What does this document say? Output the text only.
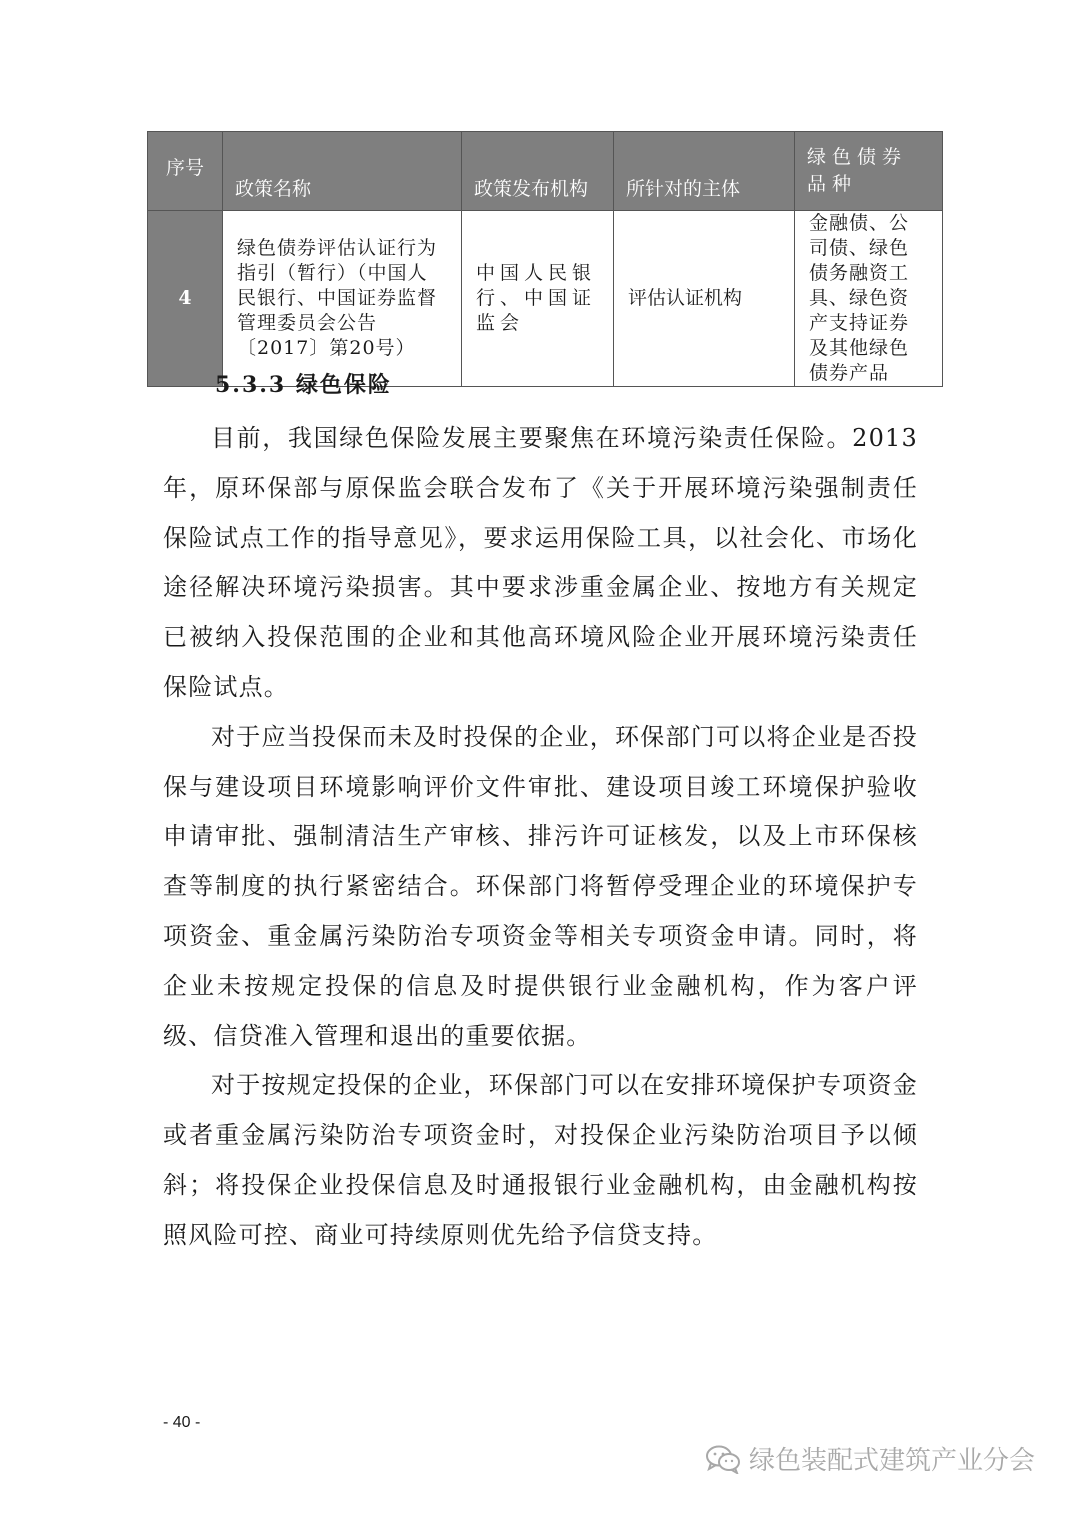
序号	政策名称	政策发布机构	所针对的主体	绿色债券品种
4	绿色债券评估认证行为指引（暂行）（中国人民银行、中国证券监督管理委员会公告〔2017〕第20号）	中国人民银行、中国证监会	评估认证机构	金融债、公司债、绿色债务融资工具、绿色资产支持证券及其他绿色债券产品
5.3.3 绿色保险

目前，我国绿色保险发展主要聚焦在环境污染责任保险。2013年，原环保部与原保监会联合发布了《关于开展环境污染强制责任保险试点工作的指导意见》，要求运用保险工具，以社会化、市场化途径解决环境污染损害。其中要求涉重金属企业、按地方有关规定已被纳入投保范围的企业和其他高环境风险企业开展环境污染责任保险试点。

对于应当投保而未及时投保的企业，环保部门可以将企业是否投保与建设项目环境影响评价文件审批、建设项目竣工环境保护验收申请审批、强制清洁生产审核、排污许可证核发，以及上市环保核查等制度的执行紧密结合。环保部门将暂停受理企业的环境保护专项资金、重金属污染防治专项资金等相关专项资金申请。同时，将企业未按规定投保的信息及时提供银行业金融机构，作为客户评级、信贷准入管理和退出的重要依据。

对于按规定投保的企业，环保部门可以在安排环境保护专项资金或者重金属污染防治专项资金时，对投保企业污染防治项目予以倾斜；将投保企业投保信息及时通报银行业金融机构，由金融机构按照风险可控、商业可持续原则优先给予信贷支持。

- 40 -
绿色装配式建筑产业分会
